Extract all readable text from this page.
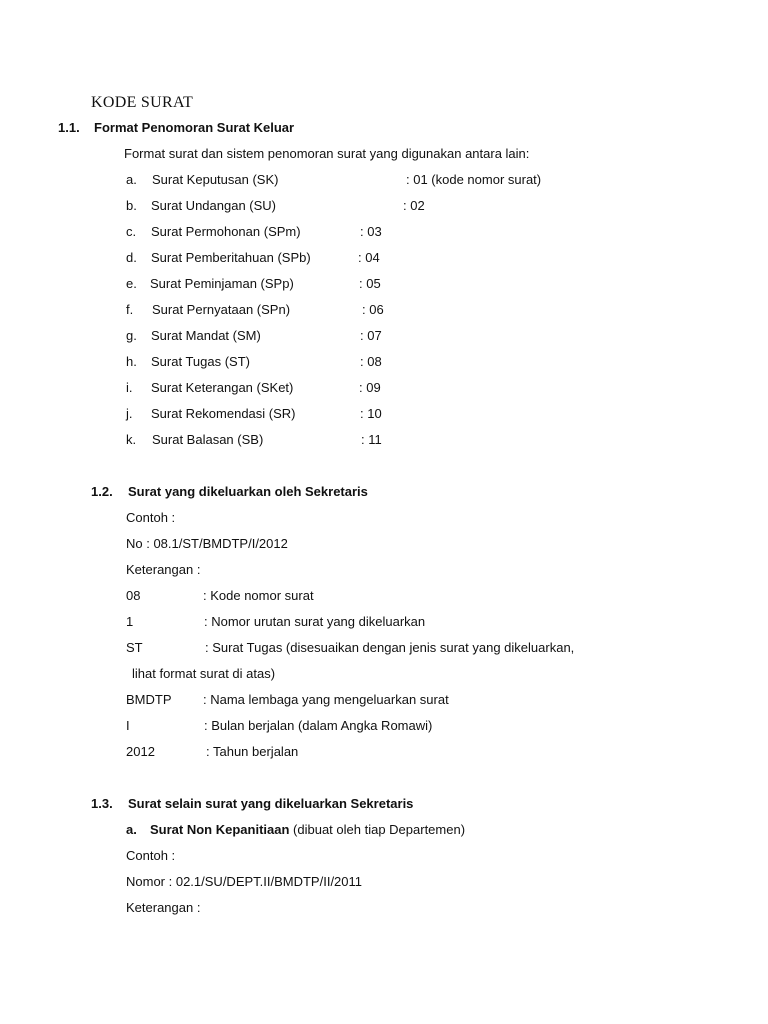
KODE SURAT
1.1. Format Penomoran Surat Keluar
Format surat dan sistem penomoran surat yang digunakan antara lain:
a. Surat Keputusan (SK)	: 01 (kode nomor surat)
b. Surat Undangan (SU)	: 02
c. Surat Permohonan (SPm)	: 03
d. Surat Pemberitahuan (SPb)	: 04
e. Surat Peminjaman (SPp)	: 05
f. Surat Pernyataan (SPn)	: 06
g. Surat Mandat (SM)	: 07
h. Surat Tugas (ST)	: 08
i. Surat Keterangan (SKet)	: 09
j. Surat Rekomendasi (SR)	: 10
k. Surat Balasan (SB)	: 11
1.2. Surat yang dikeluarkan oleh Sekretaris
Contoh :
No : 08.1/ST/BMDTP/I/2012
Keterangan :
08	: Kode nomor surat
1	: Nomor urutan surat yang dikeluarkan
ST	: Surat Tugas (disesuaikan dengan jenis surat yang dikeluarkan,
lihat format surat di atas)
BMDTP : Nama lembaga yang mengeluarkan surat
I	: Bulan berjalan (dalam Angka Romawi)
2012	: Tahun berjalan
1.3. Surat selain surat yang dikeluarkan Sekretaris
a. Surat Non Kepanitiaan (dibuat oleh tiap Departemen)
Contoh :
Nomor : 02.1/SU/DEPT.II/BMDTP/II/2011
Keterangan :
